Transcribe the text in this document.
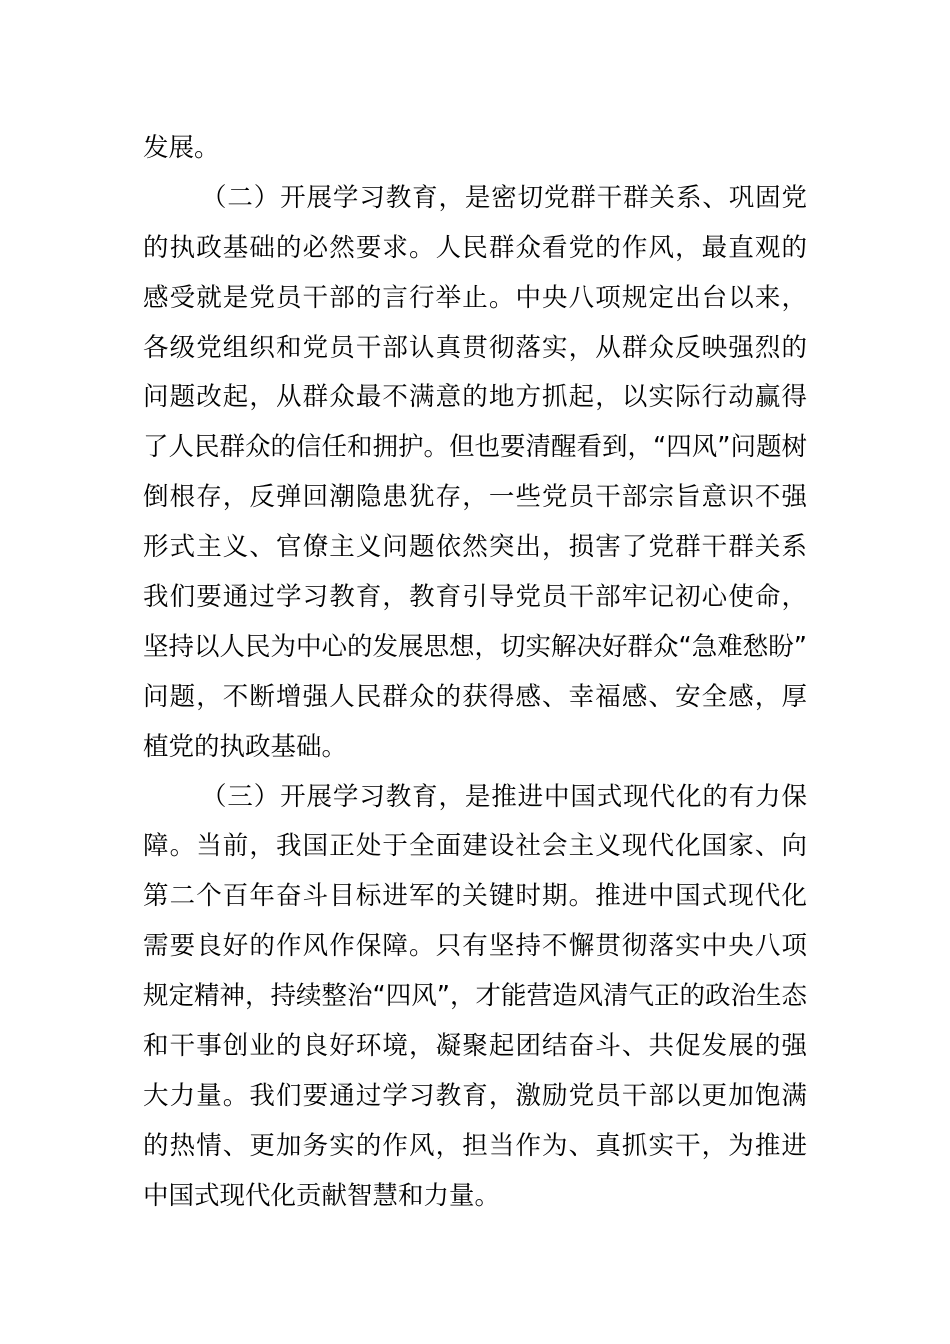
发展。
（二）开展学习教育，是密切党群干群关系、巩固党
的执政基础的必然要求。人民群众看党的作风，最直观的
感受就是党员干部的言行举止。中央八项规定出台以来，
各级党组织和党员干部认真贯彻落实，从群众反映强烈的
问题改起，从群众最不满意的地方抓起，以实际行动赢得
了人民群众的信任和拥护。但也要清醒看到，“四风”问题树
倒根存，反弹回潮隐患犹存，一些党员干部宗旨意识不强
形式主义、官僚主义问题依然突出，损害了党群干群关系
我们要通过学习教育，教育引导党员干部牢记初心使命，
坚持以人民为中心的发展思想，切实解决好群众“急难愁盼”
问题，不断增强人民群众的获得感、幸福感、安全感，厚
植党的执政基础。
（三）开展学习教育，是推进中国式现代化的有力保
障。当前，我国正处于全面建设社会主义现代化国家、向
第二个百年奋斗目标进军的关键时期。推进中国式现代化
需要良好的作风作保障。只有坚持不懈贯彻落实中央八项
规定精神，持续整治“四风”，才能营造风清气正的政治生态
和干事创业的良好环境，凝聚起团结奋斗、共促发展的强
大力量。我们要通过学习教育，激励党员干部以更加饱满
的热情、更加务实的作风，担当作为、真抓实干，为推进
中国式现代化贡献智慧和力量。
